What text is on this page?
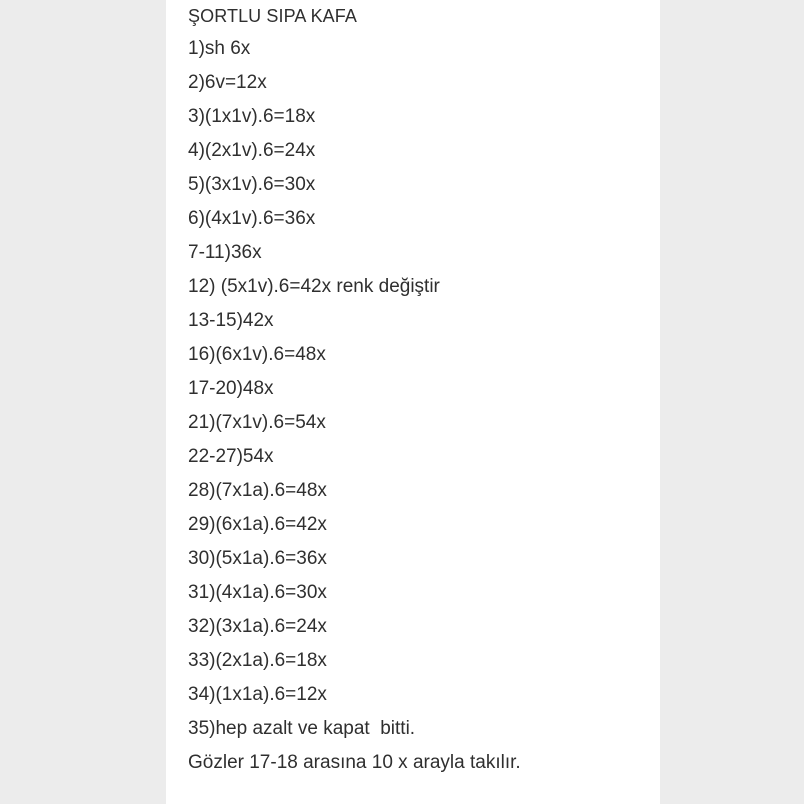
ŞORTLU SIPA KAFA
1)sh 6x
2)6v=12x
3)(1x1v).6=18x
4)(2x1v).6=24x
5)(3x1v).6=30x
6)(4x1v).6=36x
7-11)36x
12) (5x1v).6=42x renk değiştir
13-15)42x
16)(6x1v).6=48x
17-20)48x
21)(7x1v).6=54x
22-27)54x
28)(7x1a).6=48x
29)(6x1a).6=42x
30)(5x1a).6=36x
31)(4x1a).6=30x
32)(3x1a).6=24x
33)(2x1a).6=18x
34)(1x1a).6=12x
35)hep azalt ve kapat  bitti.
Gözler 17-18 arasına 10 x arayla takılır.
